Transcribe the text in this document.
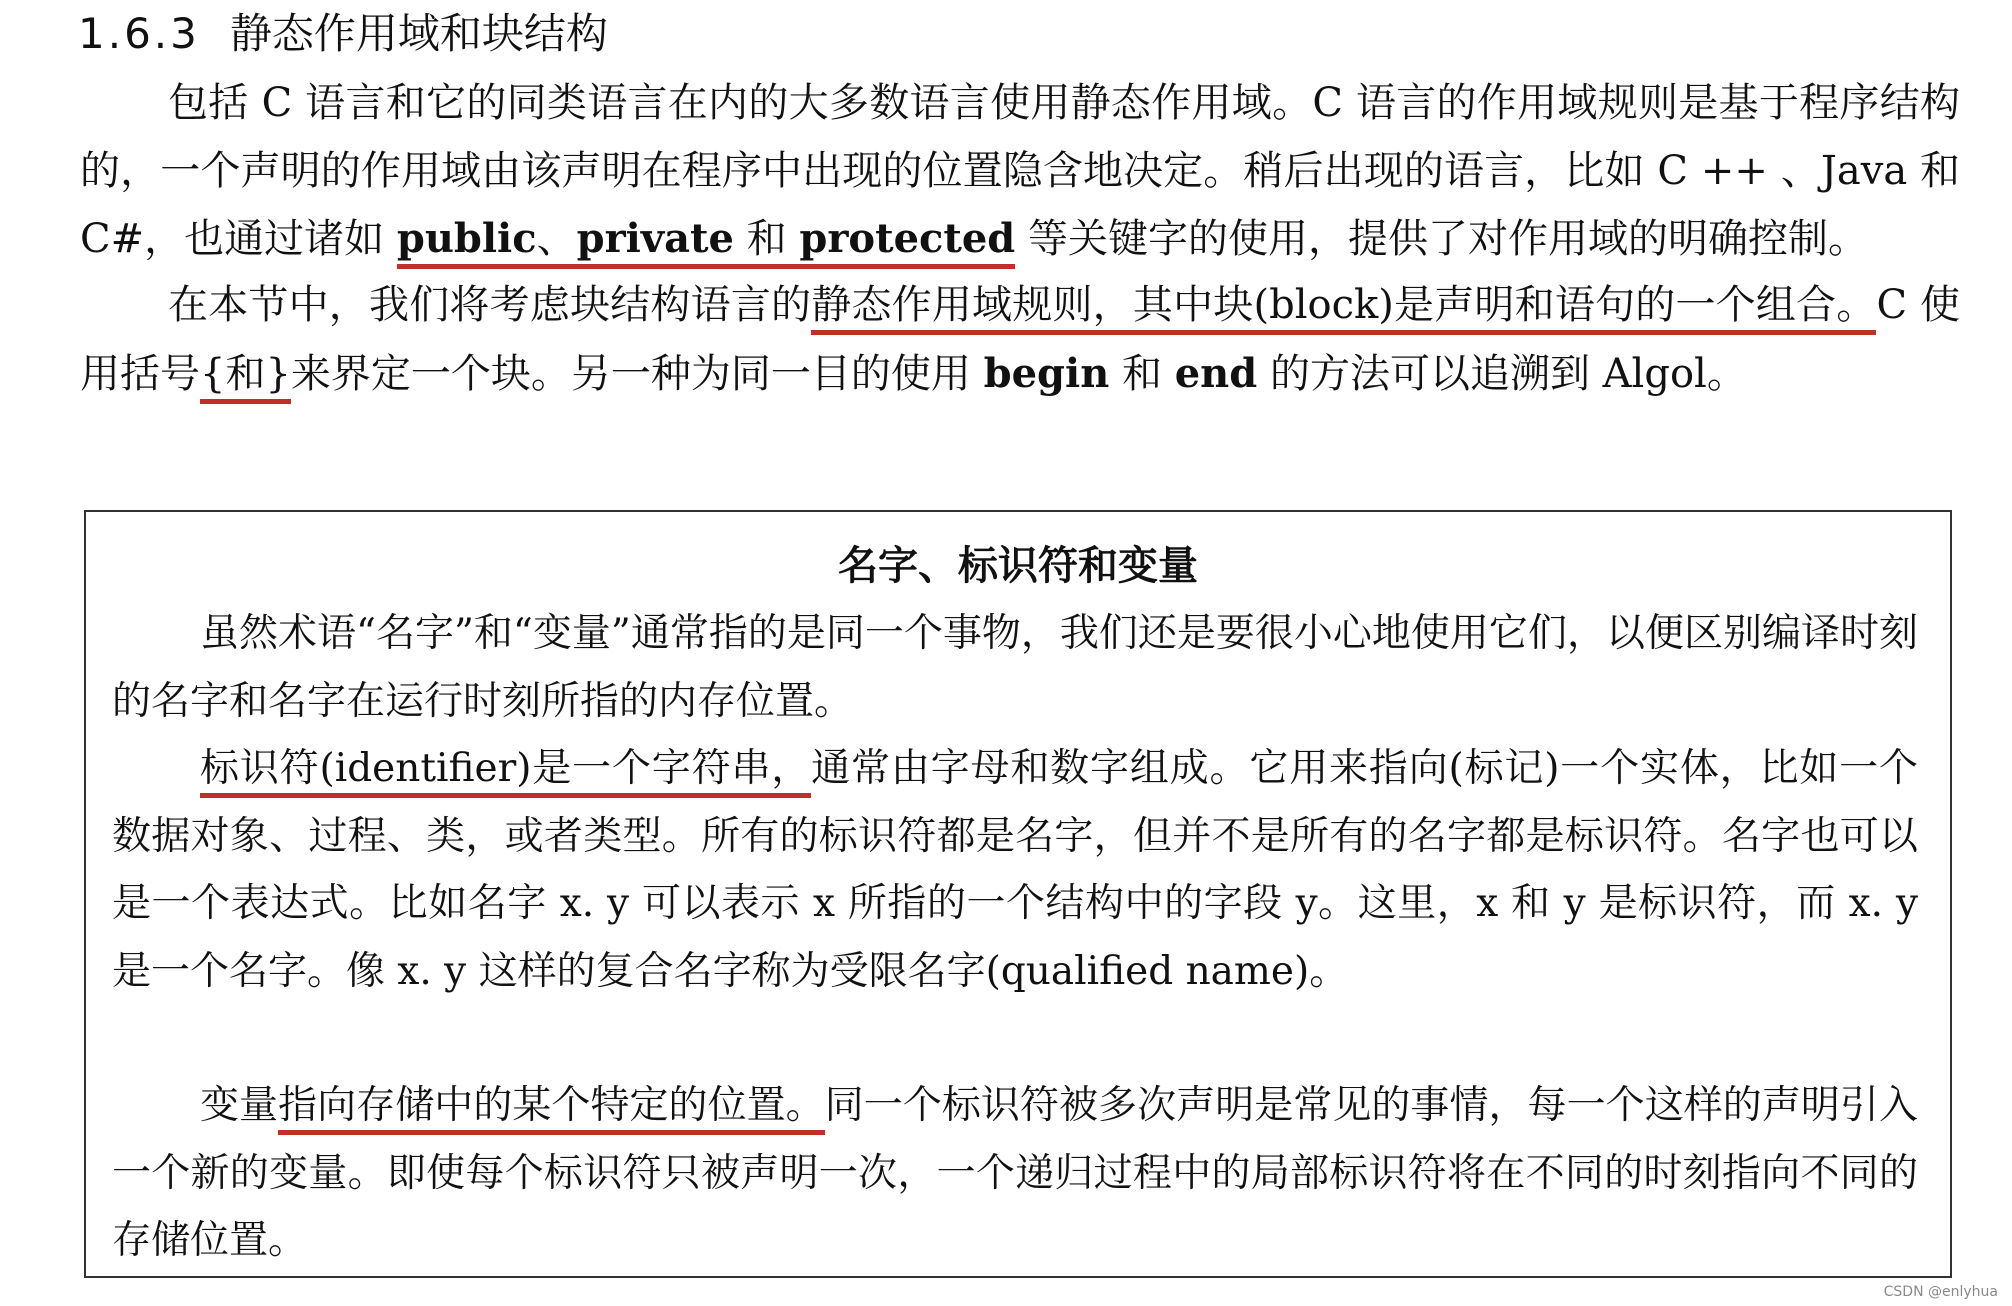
1.6.3 静态作用域和块结构

包括 C 语言和它的同类语言在内的大多数语言使用静态作用域。C 语言的作用域规则是基于程序结构的，一个声明的作用域由该声明在程序中出现的位置隐含地决定。稍后出现的语言，比如 C ++ 、Java 和 C#，也通过诸如 public、private 和 protected 等关键字的使用，提供了对作用域的明确控制。

在本节中，我们将考虑块结构语言的静态作用域规则，其中块(block)是声明和语句的一个组合。C 使用括号{和}来界定一个块。另一种为同一目的使用 begin 和 end 的方法可以追溯到 Algol。

名字、标识符和变量

虽然术语“名字”和“变量”通常指的是同一个事物，我们还是要很小心地使用它们，以便区别编译时刻的名字和名字在运行时刻所指的内存位置。

标识符(identifier)是一个字符串，通常由字母和数字组成。它用来指向(标记)一个实体，比如一个数据对象、过程、类，或者类型。所有的标识符都是名字，但并不是所有的名字都是标识符。名字也可以是一个表达式。比如名字 x. y 可以表示 x 所指的一个结构中的字段 y。这里，x 和 y 是标识符，而 x. y 是一个名字。像 x. y 这样的复合名字称为受限名字(qualified name)。

变量指向存储中的某个特定的位置。同一个标识符被多次声明是常见的事情，每一个这样的声明引入一个新的变量。即使每个标识符只被声明一次，一个递归过程中的局部标识符将在不同的时刻指向不同的存储位置。

CSDN @enlyhua
